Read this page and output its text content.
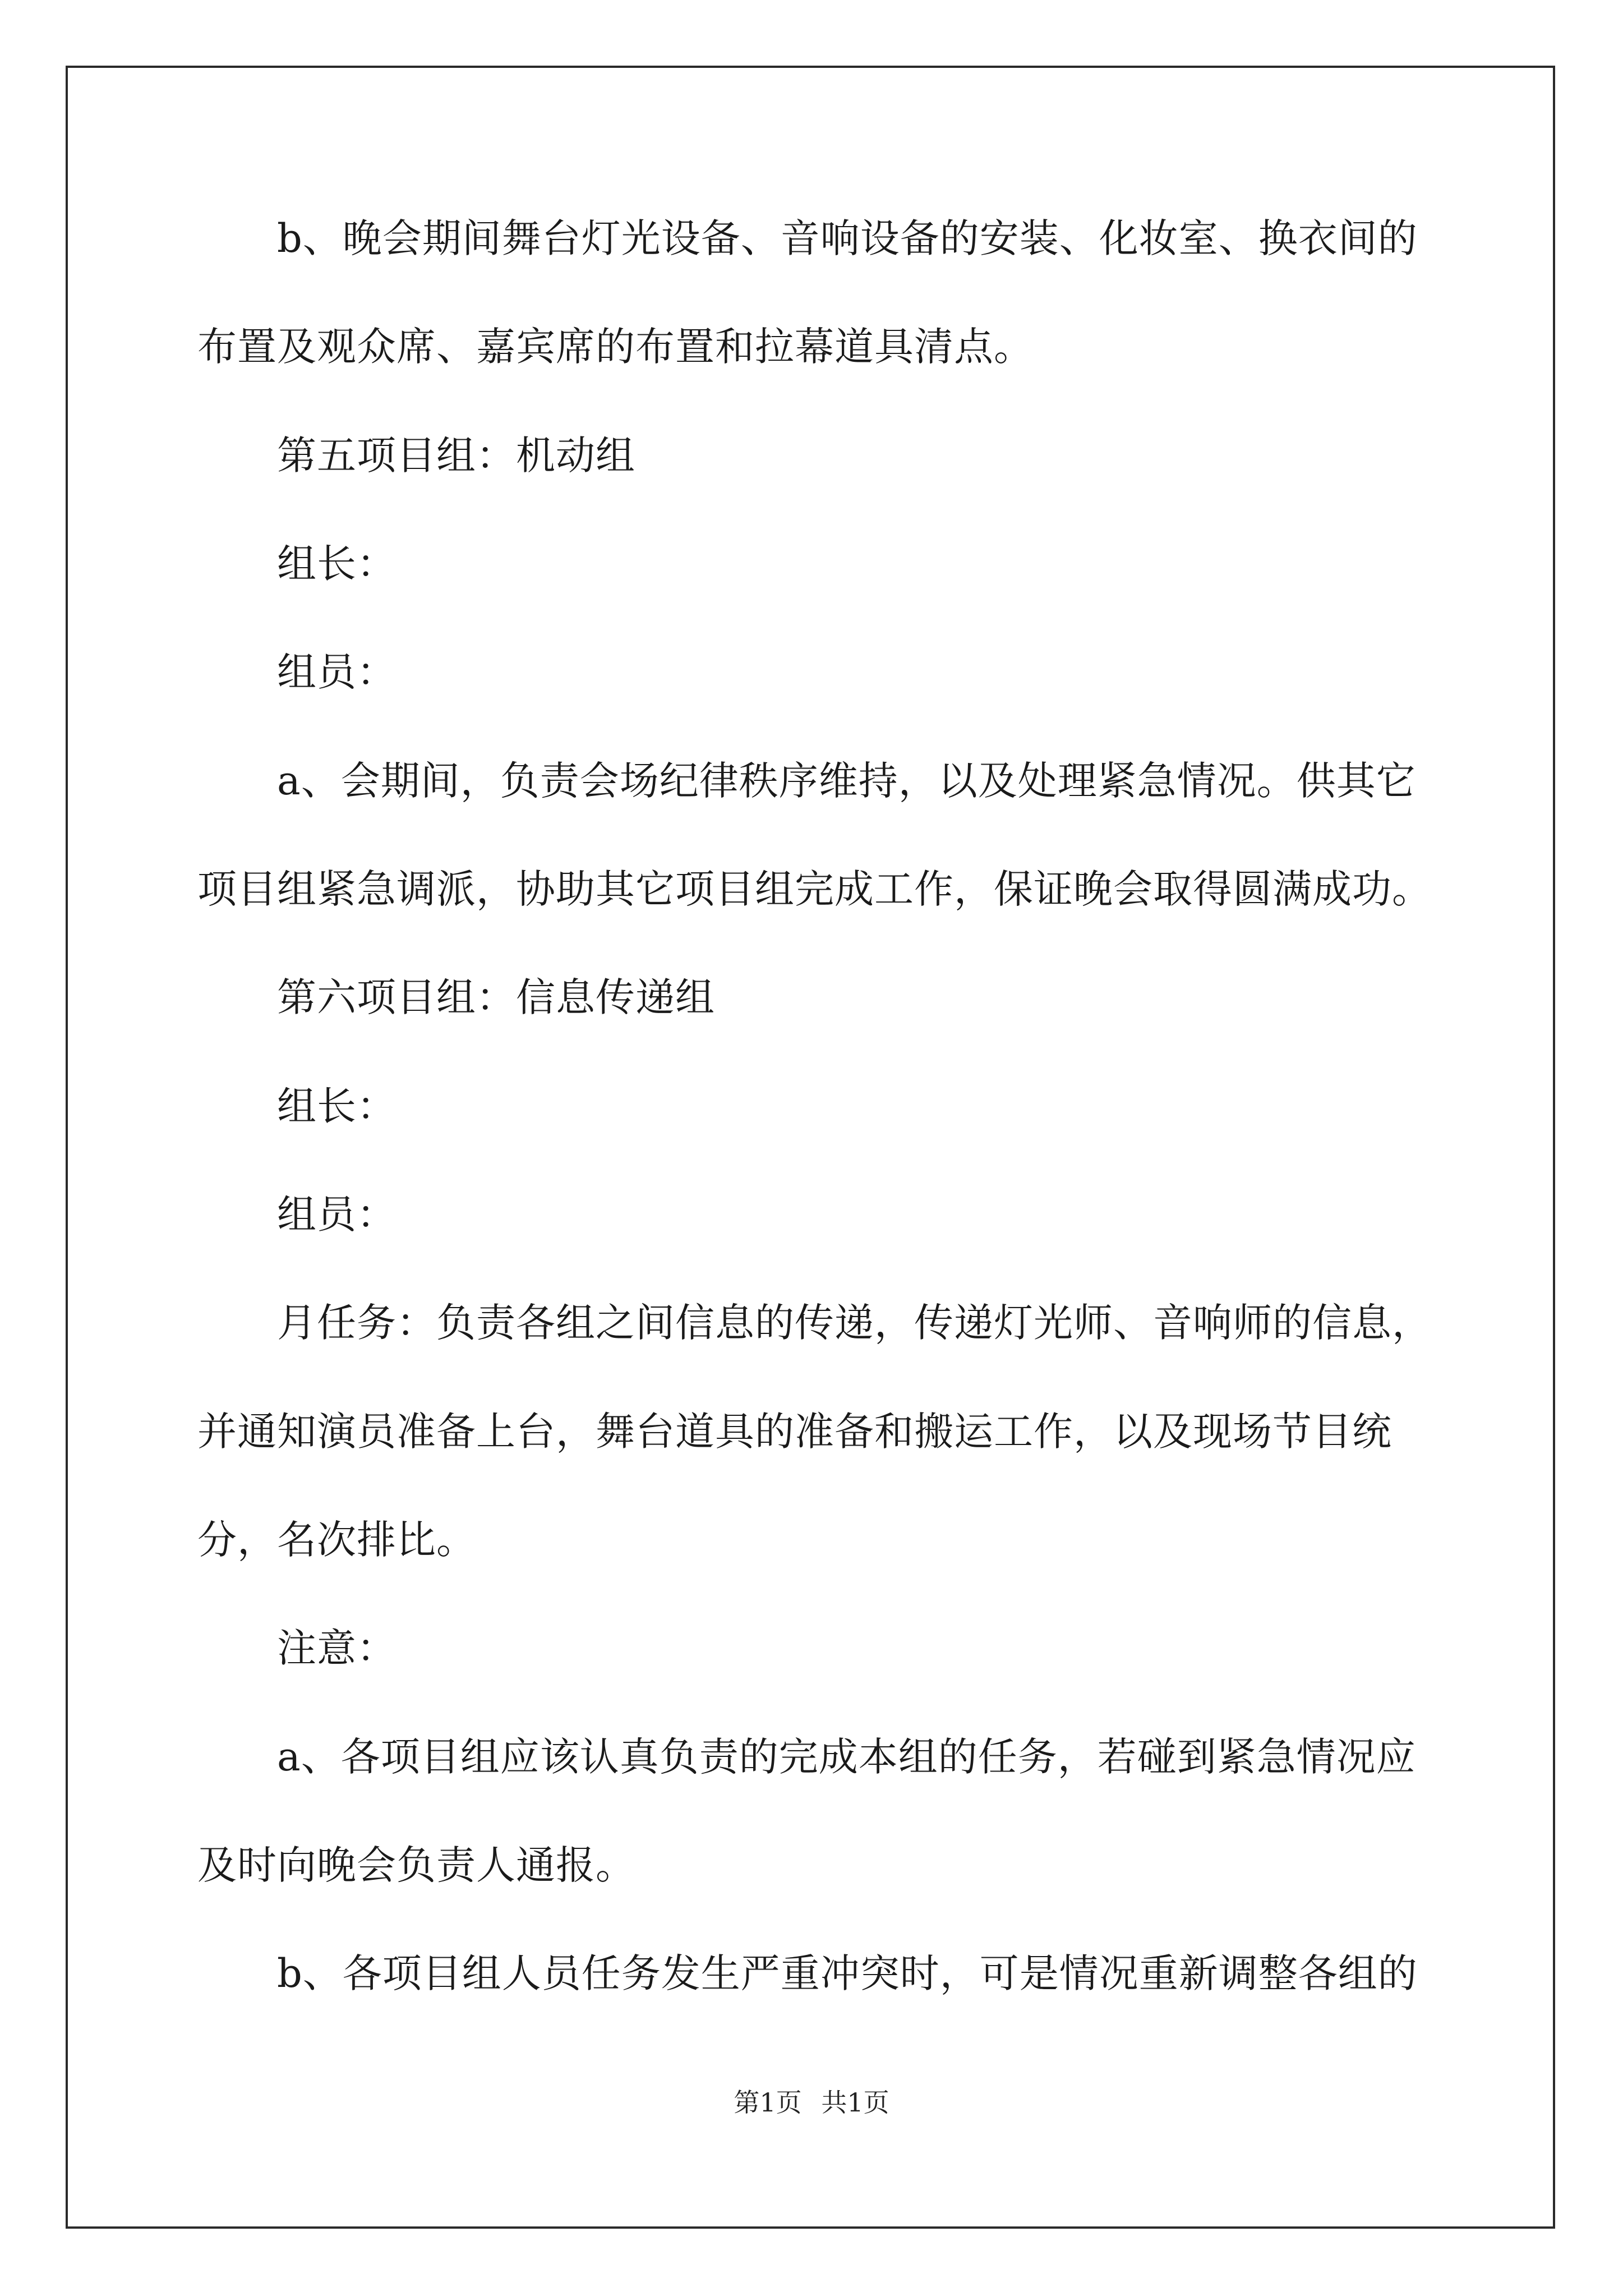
　　b、晚会期间舞台灯光设备、音响设备的安装、化妆室、换衣间的
布置及观众席、嘉宾席的布置和拉幕道具清点。
　　第五项目组：机动组
　　组长：
　　组员：
　　a、会期间，负责会场纪律秩序维持，以及处理紧急情况。供其它
项目组紧急调派，协助其它项目组完成工作，保证晚会取得圆满成功。
　　第六项目组：信息传递组
　　组长：
　　组员：
　　月任务：负责各组之间信息的传递，传递灯光师、音响师的信息，
并通知演员准备上台，舞台道具的准备和搬运工作，以及现场节目统
分，名次排比。
　　注意：
　　a、各项目组应该认真负责的完成本组的任务，若碰到紧急情况应
及时向晚会负责人通报。
　　b、各项目组人员任务发生严重冲突时，可是情况重新调整各组的
第1页 共1页
